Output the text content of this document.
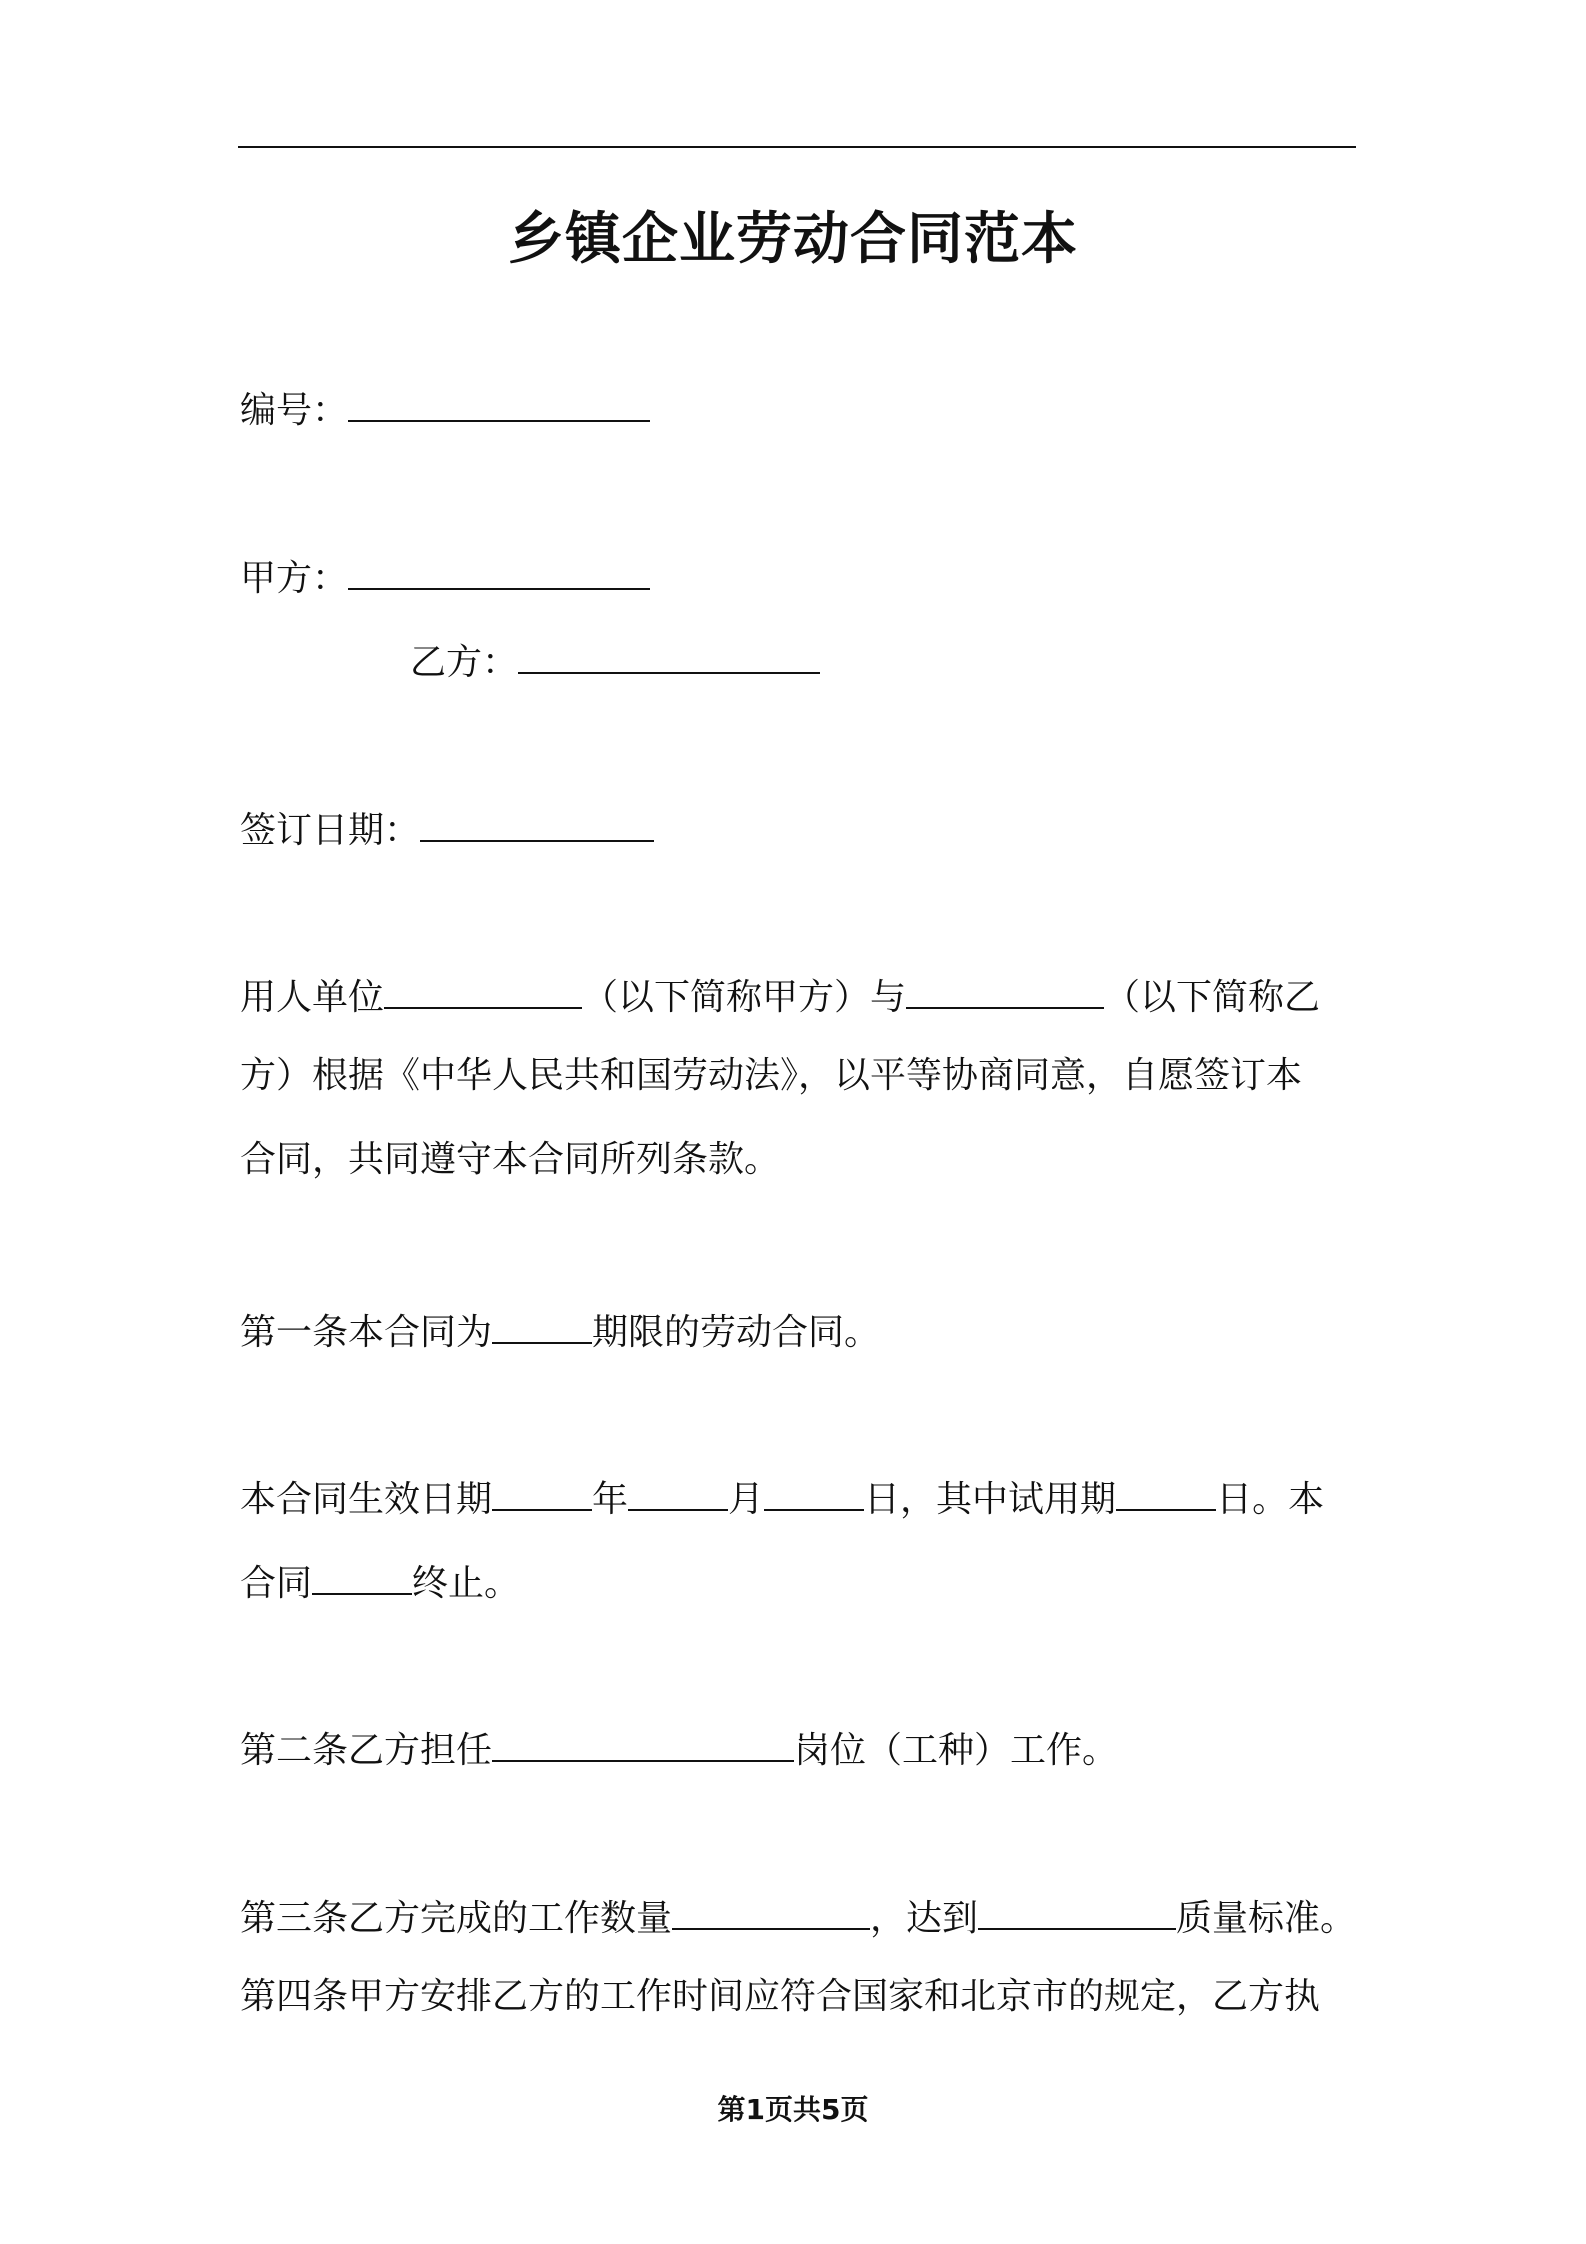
乡镇企业劳动合同范本
编号：
甲方：
乙方：
签订日期：
用人单位	（以下简称甲方）与	（以下简称乙
方）根据《中华人民共和国劳动法》，以平等协商同意，自愿签订本
合同，共同遵守本合同所列条款。
第一条本合同为	期限的劳动合同。
本合同生效日期	年	月	日，其中试用期	日。本
合同	终止。
第二条乙方担任	岗位（工种）工作。
第三条乙方完成的工作数量	，达到	质量标准。
第四条甲方安排乙方的工作时间应符合国家和北京市的规定，乙方执
第1页共5页
